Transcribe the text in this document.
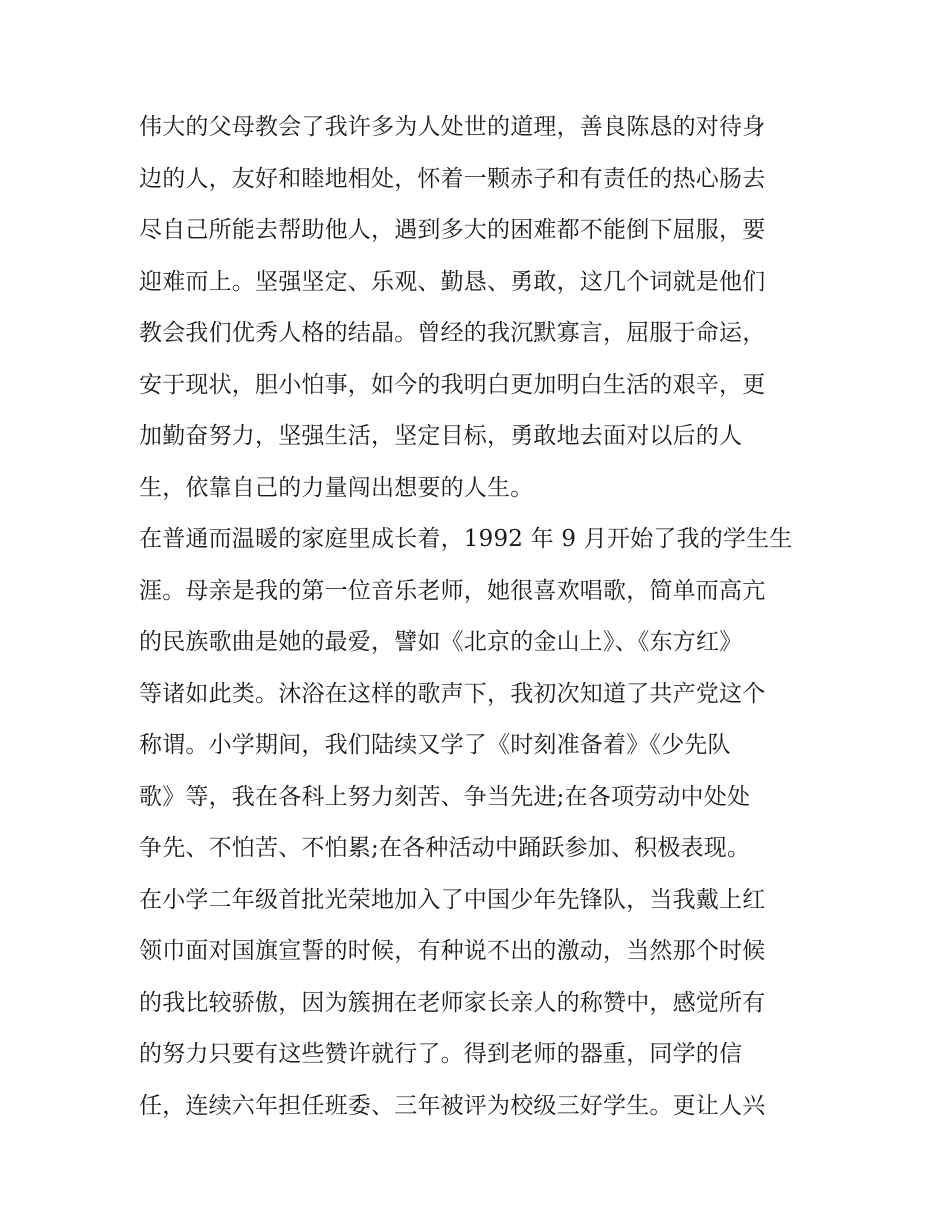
伟大的父母教会了我许多为人处世的道理，善良陈恳的对待身
边的人，友好和睦地相处，怀着一颗赤子和有责任的热心肠去
尽自己所能去帮助他人，遇到多大的困难都不能倒下屈服，要
迎难而上。坚强坚定、乐观、勤恳、勇敢，这几个词就是他们
教会我们优秀人格的结晶。曾经的我沉默寡言，屈服于命运，
安于现状，胆小怕事，如今的我明白更加明白生活的艰辛，更
加勤奋努力，坚强生活，坚定目标，勇敢地去面对以后的人
生，依靠自己的力量闯出想要的人生。
在普通而温暖的家庭里成长着，1992 年 9 月开始了我的学生生
涯。母亲是我的第一位音乐老师，她很喜欢唱歌，简单而高亢
的民族歌曲是她的最爱，譬如《北京的金山上》、《东方红》
等诸如此类。沐浴在这样的歌声下，我初次知道了共产党这个
称谓。小学期间，我们陆续又学了《时刻准备着》《少先队
歌》等，我在各科上努力刻苦、争当先进;在各项劳动中处处
争先、不怕苦、不怕累;在各种活动中踊跃参加、积极表现。
在小学二年级首批光荣地加入了中国少年先锋队，当我戴上红
领巾面对国旗宣誓的时候，有种说不出的激动，当然那个时候
的我比较骄傲，因为簇拥在老师家长亲人的称赞中，感觉所有
的努力只要有这些赞许就行了。得到老师的器重，同学的信
任，连续六年担任班委、三年被评为校级三好学生。更让人兴
